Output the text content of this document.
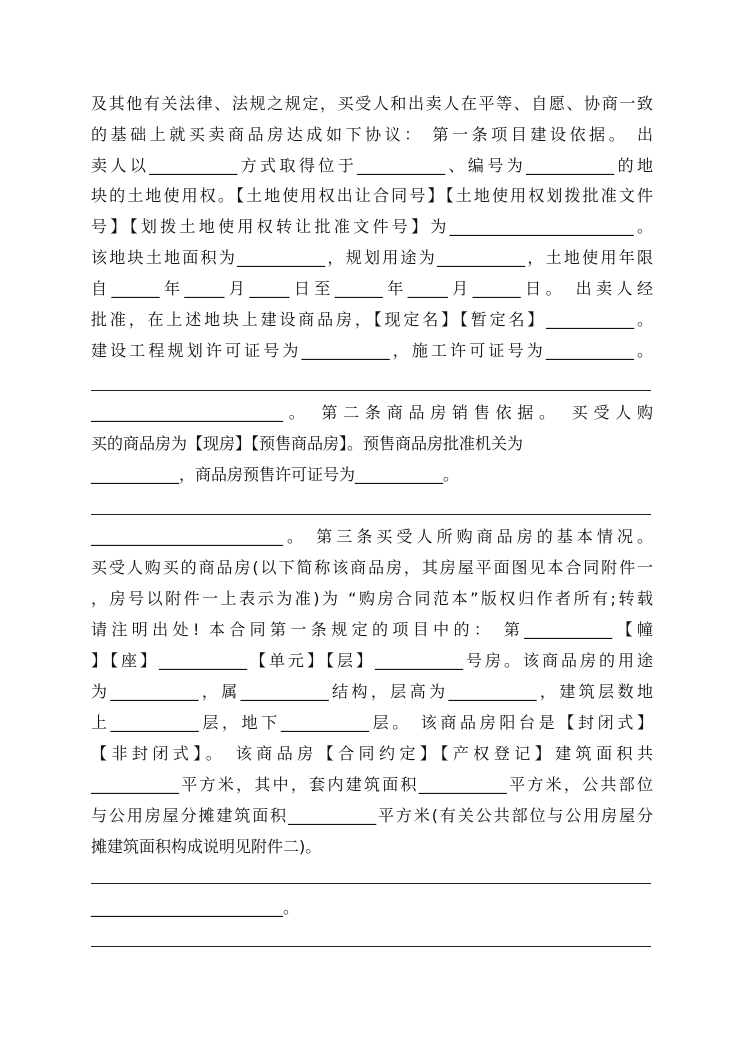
及其他有关法律、法规之规定，买受人和出卖人在平等、自愿、协商一致
的基础上就买卖商品房达成如下协议： 第一条项目建设依据。 出
卖人以___________方式取得位于___________、编号为___________的地
块的土地使用权。【土地使用权出让合同号】【土地使用权划拨批准文件
号】【划拨土地使用权转让批准文件号】为_______________________。
该地块土地面积为___________，规划用途为___________，土地使用年限
自______年_____月_____日至______年_____月______日。 出卖人经
批准，在上述地块上建设商品房，【现定名】【暂定名】___________。
建设工程规划许可证号为___________，施工许可证号为___________。
________________________。 第二条商品房销售依据。 买受人购
买的商品房为【现房】【预售商品房】。预售商品房批准机关为
___________，商品房预售许可证号为___________。
________________________。 第三条买受人所购商品房的基本情况。
买受人购买的商品房(以下简称该商品房，其房屋平面图见本合同附件一
，房号以附件一上表示为准)为 “购房合同范本”版权归作者所有;转载
请注明出处! 本合同第一条规定的项目中的： 第___________【幢
】【座】___________【单元】【层】___________号房。该商品房的用途
为___________，属___________结构，层高为___________，建筑层数地
上___________层，地下___________层。 该商品房阳台是【封闭式】
【非封闭式】。 该商品房【合同约定】【产权登记】建筑面积共
___________平方米，其中，套内建筑面积___________平方米，公共部位
与公用房屋分摊建筑面积___________平方米(有关公共部位与公用房屋分
摊建筑面积构成说明见附件二)。
________________________。
